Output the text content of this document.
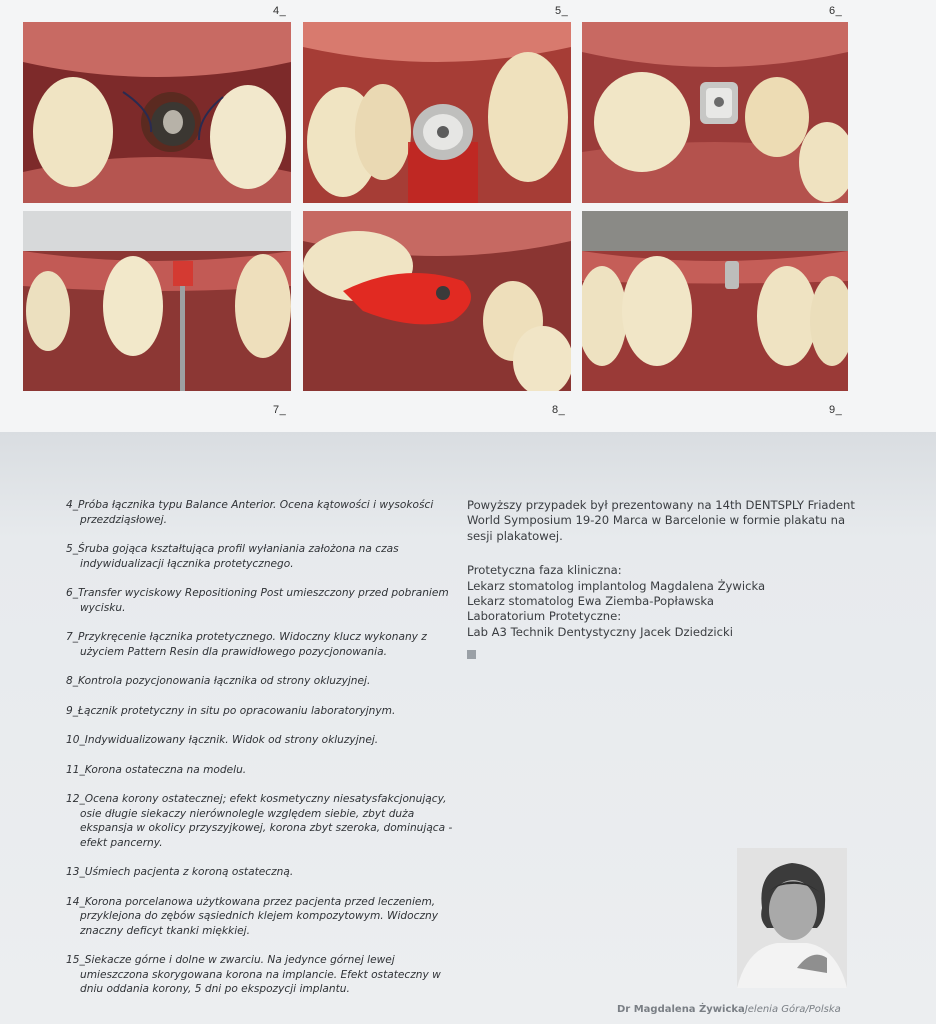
4_	5_	6_
7_	8_	9_
4_Próba łącznika typu Balance Anterior. Ocena kątowości i wysokości przezdziąsłowej.
5_Śruba gojąca kształtująca profil wyłaniania założona na czas indywidualizacji łącznika protetycznego.
6_Transfer wyciskowy Repositioning Post umieszczony przed pobraniem wycisku.
7_Przykręcenie łącznika protetycznego. Widoczny klucz wykonany z użyciem Pattern Resin dla prawidłowego pozycjonowania.
8_Kontrola pozycjonowania łącznika od strony okluzyjnej.
9_Łącznik protetyczny in situ po opracowaniu laboratoryjnym.
10_Indywidualizowany łącznik. Widok od strony okluzyjnej.
11_Korona ostateczna na modelu.
12_Ocena korony ostatecznej; efekt kosmetyczny niesatysfakcjonujący, osie długie siekaczy nierównolegle względem siebie, zbyt duża ekspansja w okolicy przyszyjkowej, korona zbyt szeroka, dominująca - efekt pancerny.
13_Uśmiech pacjenta z koroną ostateczną.
14_Korona porcelanowa użytkowana przez pacjenta przed leczeniem, przyklejona do zębów sąsiednich klejem kompozytowym. Widoczny znaczny deficyt tkanki miękkiej.
15_Siekacze górne i dolne w zwarciu. Na jedynce górnej lewej umieszczona skorygowana korona na implancie. Efekt ostateczny w dniu oddania korony, 5 dni po ekspozycji implantu.

Powyższy przypadek był prezentowany na 14th DENTSPLY Friadent World Symposium 19-20 Marca w Barcelonie w formie plakatu na sesji plakatowej.

Protetyczna faza kliniczna:
Lekarz stomatolog implantolog Magdalena Żywicka
Lekarz stomatolog Ewa Ziemba-Popławska
Laboratorium Protetyczne:
Lab A3 Technik Dentystyczny Jacek Dziedzicki
Dr Magdalena ŻywickaJelenia Góra/Polska
